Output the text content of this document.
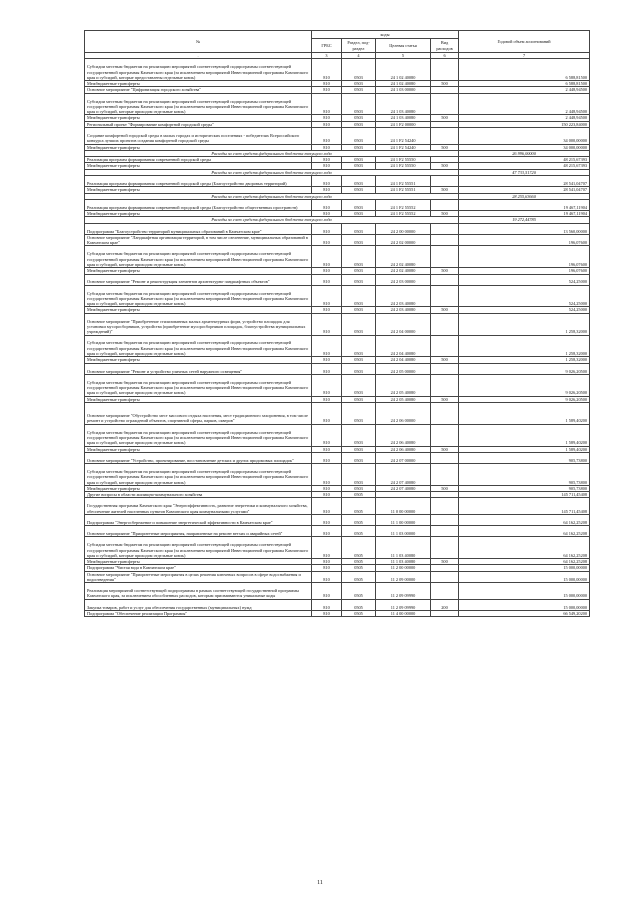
№	коды				Годовой объем ассигнований
	ГРБС	Раздел, под-раздел	Целевая статья	Вид расходов	
.	3	4	5	6	7
Субсидии местным бюджетам на реализацию мероприятий соответствующей подпрограммы соответствующей государственной программы Камчатского края (за исключением мероприятий Инвестиционной программы Камчатского края и субсидий, которые предоставлены отдельные ковль)	810	0503	24 1 02 40080		6 588,81500
Межбюджетные трансферты	810	0503	24 1 02 40080	500	6 588,81500
Основное мероприятие "Цифровизация городского хозяйства"	810	0503	24 1 03 00000		2 448,94500
Субсидии местным бюджетам на реализацию мероприятий соответствующей подпрограммы соответствующей государственной программы Камчатского края (за исключением мероприятий Инвестиционной программы Камчатского края и субсидий, которые приходом отдельные ковль)	810	0503	24 1 03 40080		2 448,94500
Межбюджетные трансферты	810	0503	24 1 03 40080	500	2 448,94500
Региональный проект "Формирование комфортной городской среды"	810	0503	24 1 F2 00000		150 223,84000
Создание комфортной городской среды в малых городах и исторических поселениях - победителях Всероссийского конкурса лучших проектов создания комфортной городской среды	810	0503	24 1 F2 54240		34 000,00000
Межбюджетные трансферты	810	0503	24 1 F2 54240	500	34 000,00000
Расходы за счет средств федерального бюджета текущего года					26 996,00000
Реализация программ формирования современной городской среды	810	0503	24 1 F2 55550		48 215,67393
Межбюджетные трансферты	810	0503	24 1 F2 55550	500	48 215,67393
Расходы за счет средств федерального бюджета текущего года					47 733,51720
Реализация программ формирования современной городской среды (Благоустройство дворовых территорий)	810	0503	24 1 F2 55551		28 541,04707
Межбюджетные трансферты	810	0503	24 1 F2 55551	500	28 541,04707
Расходы за счет средств федерального бюджета текущего года					28 255,63660
Реализация программ формирования современной городской среды (Благоустройство общественных пространств)	810	0503	24 1 F2 55552		19 467,11904
Межбюджетные трансферты	810	0503	24 1 F2 55552	500	19 467,11904
Расходы за счет средств федерального бюджета текущего года					19 272,44785
Подпрограмма "Благоустройство территорий муниципальных образований в Камчатском крае"	810	0503	24 2 00 00000		13 560,00000
Основное мероприятие "Ландшафтная организация территорий, в том числе озеленение, муниципальных образований в Камчатском крае"	810	0503	24 2 02 00000		196,07600
Субсидии местным бюджетам на реализацию мероприятий соответствующей подпрограммы соответствующей государственной программы Камчатского края (за исключением мероприятий Инвестиционной программы Камчатского края и субсидий, которые приходом отдельные ковль)	810	0503	24 2 02 40080		196,07600
Межбюджетные трансферты	810	0503	24 2 02 40080	500	196,07600
Основное мероприятие "Ремонт и реконструкция элементов архитектурно-ландшафтных объектов"	810	0503	24 2 03 00000		524,25000
Субсидии местным бюджетам на реализацию мероприятий соответствующей подпрограммы соответствующей государственной программы Камчатского края (за исключением мероприятий Инвестиционной программы Камчатского края и субсидий, которые приходом отдельные ковль)	810	0503	24 2 03 40080		524,25000
Межбюджетные трансферты	810	0503	24 2 03 40080	500	524,25000
Основное мероприятие "Приобретение стилизованных малых архитектурных форм, устройство площадок для установки мусоросборников, устройства (приобретение мусоросборников площадок, благоустройства муниципальных учреждений)"	810	0503	24 2 04 00000		1 258,32000
Субсидии местным бюджетам на реализацию мероприятий соответствующей подпрограммы соответствующей государственной программы Камчатского края (за исключением мероприятий Инвестиционной программы Камчатского края и субсидий, которые приходом отдельные ковль)	810	0503	24 2 04 40080		1 258,32000
Межбюджетные трансферты	810	0503	24 2 04 40080	500	1 258,32000
Основное мероприятие "Ремонт и устройство уличных сетей наружного освещения"	810	0503	24 2 05 00000		9 026,20500
Субсидии местным бюджетам на реализацию мероприятий соответствующей подпрограммы соответствующей государственной программы Камчатского края (за исключением мероприятий Инвестиционной программы Камчатского края и субсидий, которые приходом отдельные ковль)	810	0503	24 2 05 40080		9 026,20500
Межбюджетные трансферты	810	0503	24 2 05 40080	500	9 026,20500
Основное мероприятие "Обустройство мест массового отдыха населения, мест традиционного захоронения, в том числе ремонт и устройство ограждений объектов, спортивной сферы, парков, скверов"	810	0503	24 2 06 00000		1 589,40200
Субсидии местным бюджетам на реализацию мероприятий соответствующей подпрограммы соответствующей государственной программы Камчатского края (за исключением мероприятий Инвестиционной программы Камчатского края и субсидий, которые приходом отдельные ковль)	810	0503	24 2 06 40080		1 589,40200
Межбюджетные трансферты	810	0503	24 2 06 40080	500	1 589,40200
Основное мероприятие "Устройство, проектирование, восстановление детских и других придомовых площадок"	810	0503	24 2 07 00000		905,73800
Субсидии местным бюджетам на реализацию мероприятий соответствующей подпрограммы соответствующей государственной программы Камчатского края (за исключением мероприятий Инвестиционной программы Камчатского края и субсидий, которые приходом отдельные ковль)	810	0503	24 2 07 40080		905,73800
Межбюджетные трансферты	810	0503	24 2 07 40080	500	905,73800
Другие вопросы в области жилищно-коммунального хозяйства	810	0505			145 711,45408
Государственная программа Камчатского края "Энергоэффективность, развитие энергетики и коммунального хозяйства, обеспечение жителей населенных пунктов Камчатского края коммунальными услугами"	810	0505	11 0 00 00000		145 711,45408
Подпрограмма "Энергосбережение и повышение энергетической эффективности в Камчатском крае"	810	0505	11 1 00 00000		64 162,25208
Основное мероприятие "Приоритетные мероприятия, направленные на ремонт ветхих и аварийных сетей"	810	0505	11 1 03 00000		64 162,25208
Субсидии местным бюджетам на реализацию мероприятий соответствующей подпрограммы соответствующей государственной программы Камчатского края (за исключением мероприятий Инвестиционной программы Камчатского края и субсидий, которые приходом отдельные ковль)	810	0505	11 1 03 40080		64 162,25208
Межбюджетные трансферты	810	0505	11 1 03 40080	500	64 162,25208
Подпрограмма "Чистая вода в Камчатском крае"	810	0505	11 2 00 00000		15 000,00000
Основное мероприятие "Приоритетные мероприятия в целях решения ключевых вопросов в сфере водоснабжения и водоотведения"	810	0505	11 2 09 00000		15 000,00000
Реализация мероприятий соответствующей подпрограммы в рамках соответствующей государственной программы Камчатского края, за исключением обособленных расходов, которым присваиваются уникальные коды	810	0505	11 2 09 09990		15 000,00000
Закупка товаров, работ и услуг для обеспечения государственных (муниципальных) нужд	810	0505	11 2 09 09990	200	15 000,00000
Подпрограмма "Обеспечение реализации Программы"	810	0505	11 4 00 00000		66 549,20200
11
